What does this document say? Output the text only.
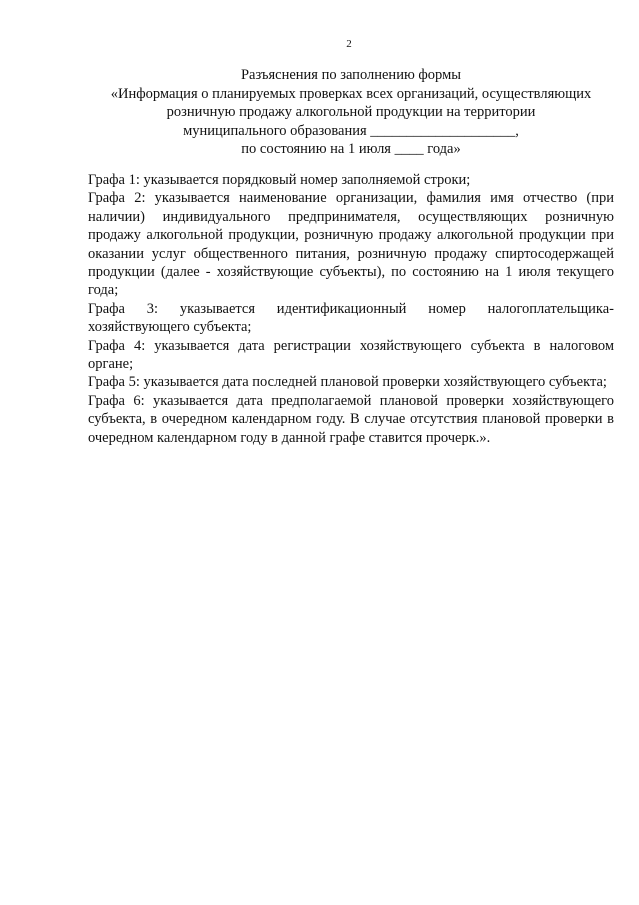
2
Разъяснения по заполнению формы
«Информация о планируемых проверках всех организаций, осуществляющих
розничную продажу алкогольной продукции на территории
муниципального образования ____________________,
по состоянию на 1 июля ____ года»

Графа 1: указывается порядковый номер заполняемой строки;

Графа 2: указывается наименование организации, фамилия имя отчество (при наличии) индивидуального предпринимателя, осуществляющих розничную продажу алкогольной продукции, розничную продажу алкогольной продукции при оказании услуг общественного питания, розничную продажу спиртосодержащей продукции (далее - хозяйствующие субъекты), по состоянию на 1 июля текущего года;

Графа 3: указывается идентификационный номер налогоплательщика-хозяйствующего субъекта;

Графа 4: указывается дата регистрации хозяйствующего субъекта в налоговом органе;

Графа 5: указывается дата последней плановой проверки хозяйствующего субъекта;

Графа 6: указывается дата предполагаемой плановой проверки хозяйствующего субъекта, в очередном календарном году. В случае отсутствия плановой проверки в очередном календарном году в данной графе ставится прочерк.».
